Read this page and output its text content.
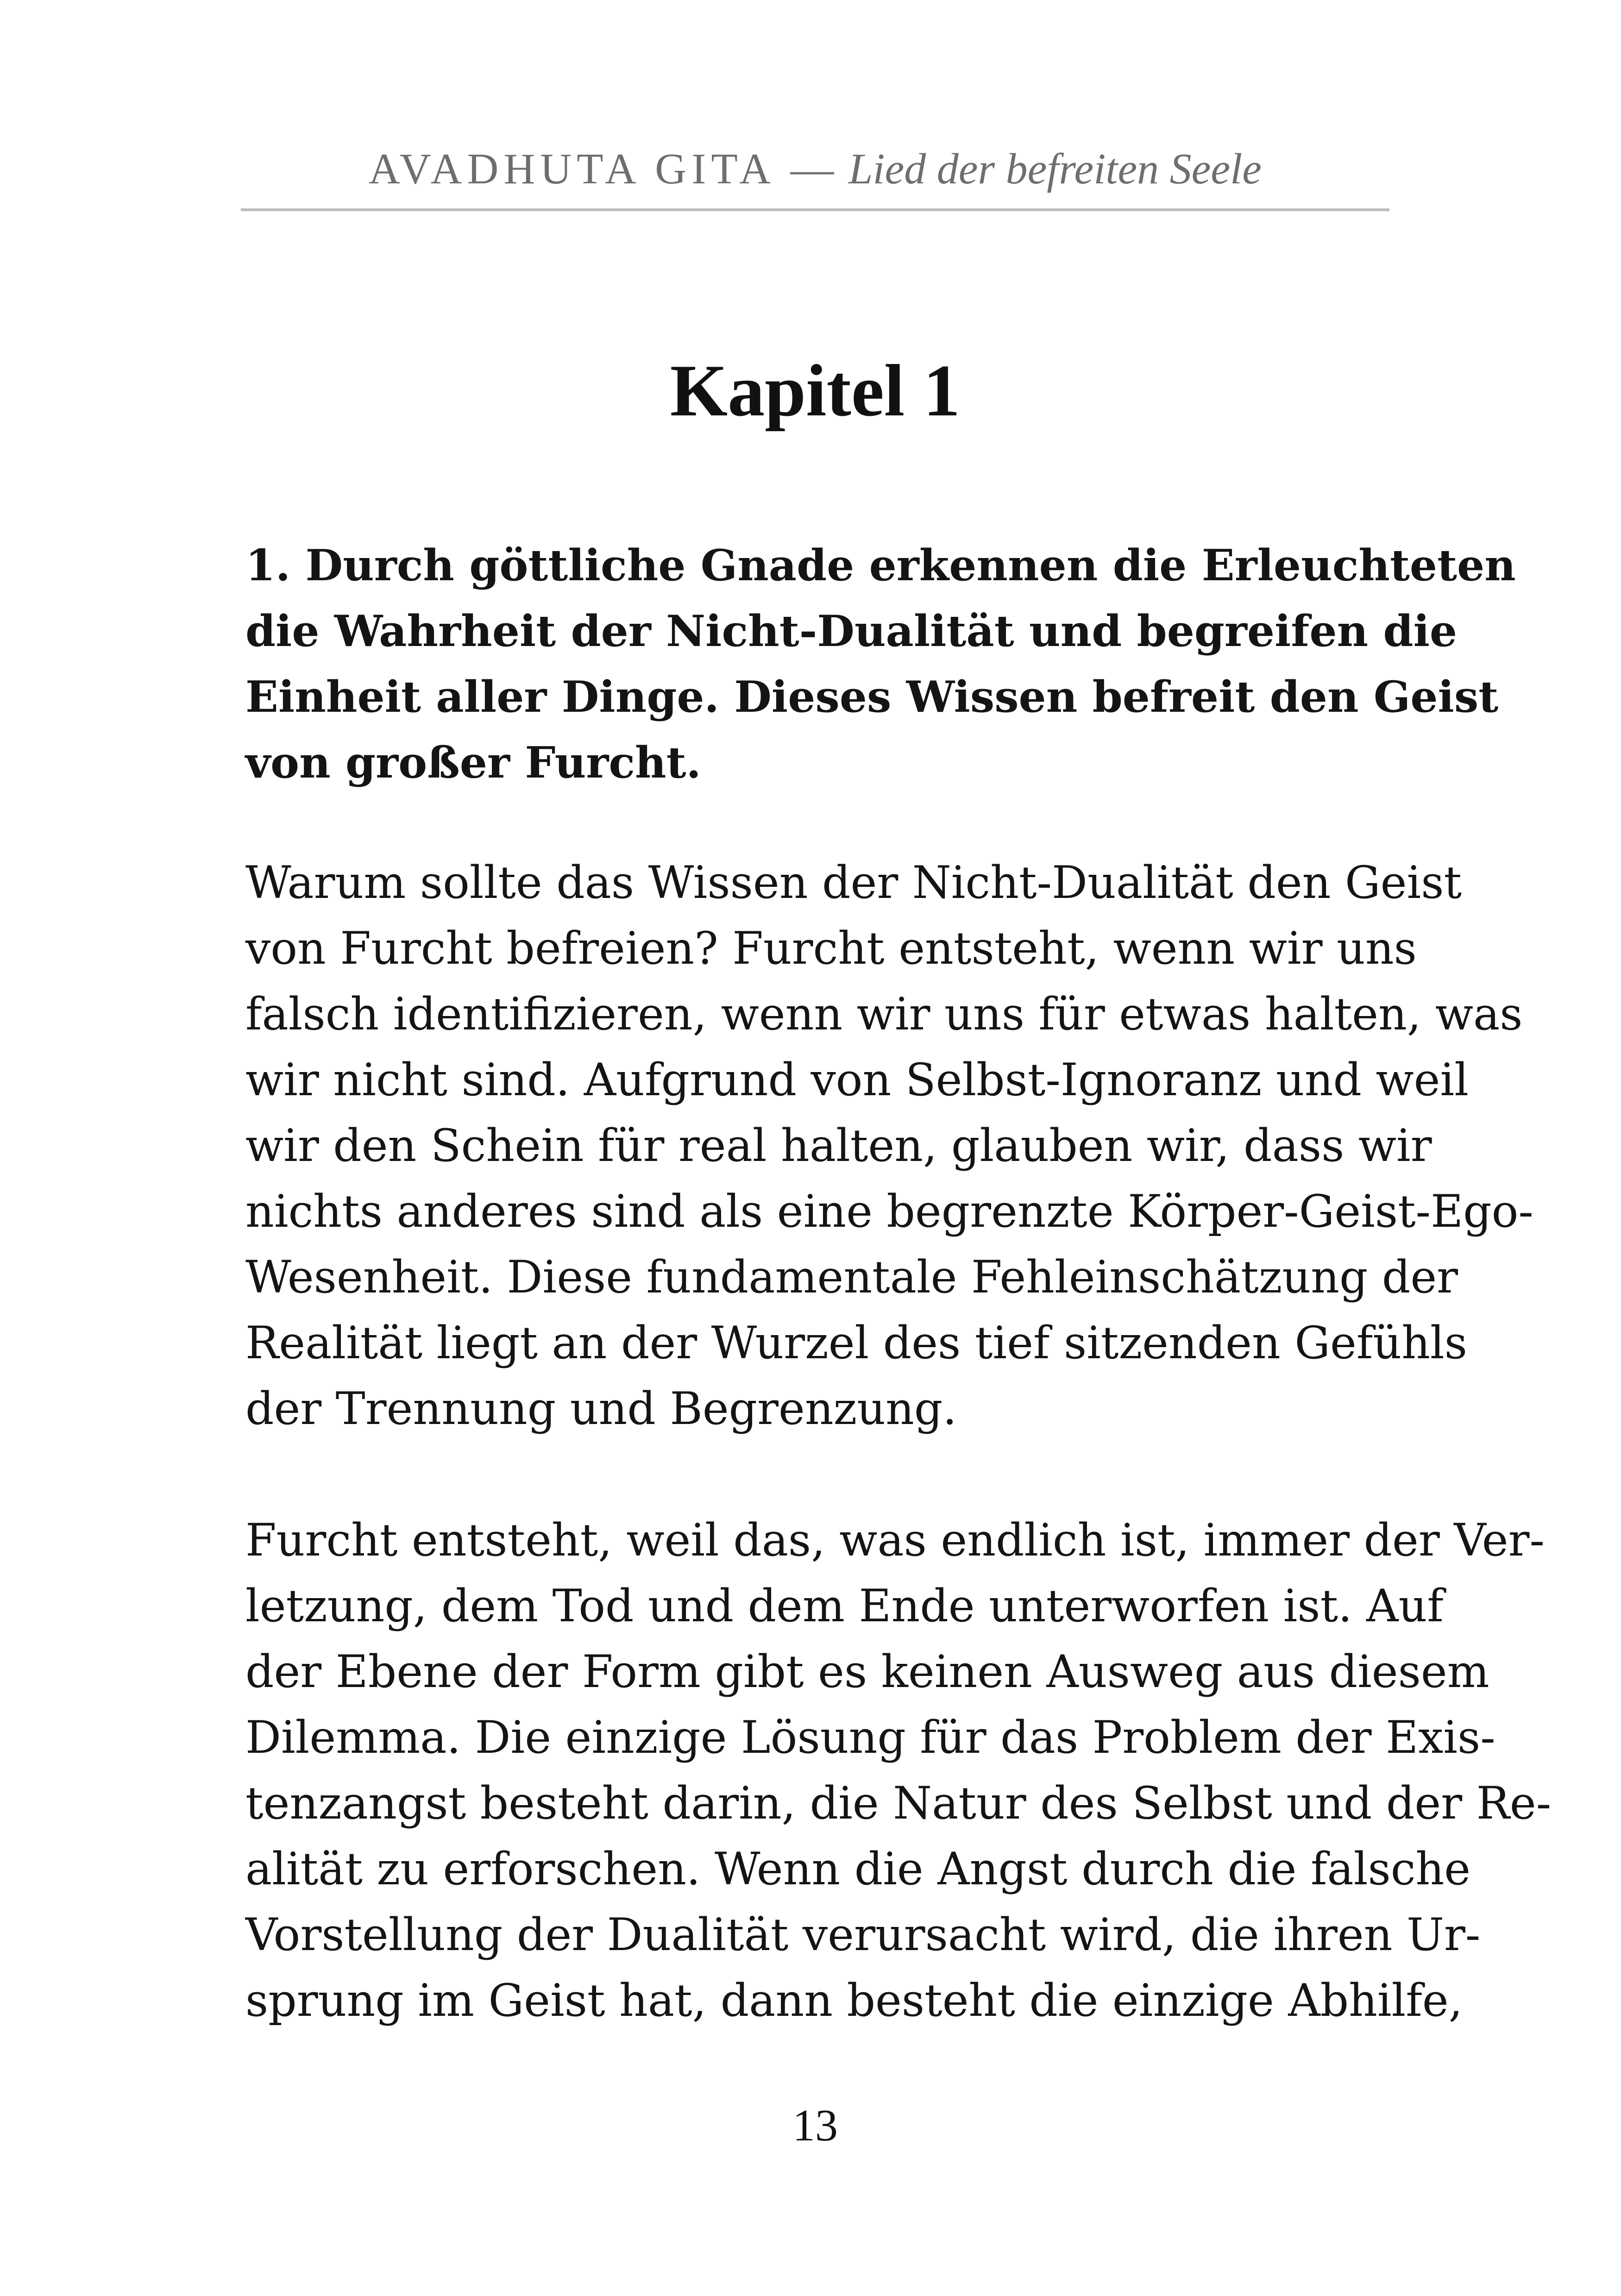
AVADHUTA GITA — Lied der befreiten Seele
Kapitel 1
1. Durch göttliche Gnade erkennen die Erleuchteten
die Wahrheit der Nicht-Dualität und begreifen die
Einheit aller Dinge. Dieses Wissen befreit den Geist
von großer Furcht.
Warum sollte das Wissen der Nicht-Dualität den Geist
von Furcht befreien? Furcht entsteht, wenn wir uns
falsch identifizieren, wenn wir uns für etwas halten, was
wir nicht sind. Aufgrund von Selbst-Ignoranz und weil
wir den Schein für real halten, glauben wir, dass wir
nichts anderes sind als eine begrenzte Körper-Geist-Ego-
Wesenheit. Diese fundamentale Fehleinschätzung der
Realität liegt an der Wurzel des tief sitzenden Gefühls
der Trennung und Begrenzung.
Furcht entsteht, weil das, was endlich ist, immer der Ver-
letzung, dem Tod und dem Ende unterworfen ist. Auf
der Ebene der Form gibt es keinen Ausweg aus diesem
Dilemma. Die einzige Lösung für das Problem der Exis-
tenzangst besteht darin, die Natur des Selbst und der Re-
alität zu erforschen. Wenn die Angst durch die falsche
Vorstellung der Dualität verursacht wird, die ihren Ur-
sprung im Geist hat, dann besteht die einzige Abhilfe,
13
